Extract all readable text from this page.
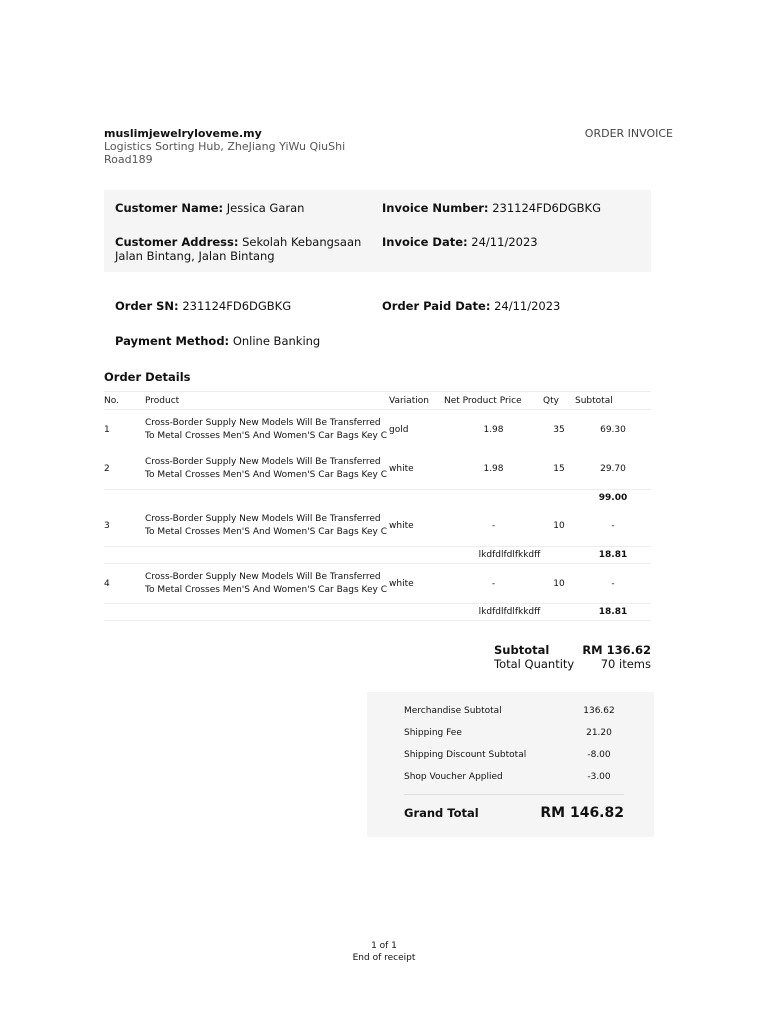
muslimjewelryloveme.my
Logistics Sorting Hub, ZheJiang YiWu QiuShi Road189
ORDER INVOICE
Customer Name: Jessica Garan	Invoice Number: 231124FD6DGBKG
Customer Address: Sekolah Kebangsaan Jalan Bintang, Jalan Bintang
Invoice Date: 24/11/2023
Order SN: 231124FD6DGBKG	Order Paid Date: 24/11/2023
Payment Method: Online Banking
Order Details
No.	Product	Variation	Net Product Price	Qty	Subtotal
1	Cross-Border Supply New Models Will Be Transferred To Metal Crosses Men'S And Women'S Car Bags Key C	gold	1.98	35	69.30
2	Cross-Border Supply New Models Will Be Transferred To Metal Crosses Men'S And Women'S Car Bags Key C	white	1.98	15	29.70
					99.00
3	Cross-Border Supply New Models Will Be Transferred To Metal Crosses Men'S And Women'S Car Bags Key C	white	-	10	-
			lkdfdlfdlfkkdff		18.81
4	Cross-Border Supply New Models Will Be Transferred To Metal Crosses Men'S And Women'S Car Bags Key C	white	-	10	-
			lkdfdlfdlfkkdff		18.81
Subtotal	RM 136.62
Total Quantity 70 items
Merchandise Subtotal	136.62
Shipping Fee	21.20
Shipping Discount Subtotal	-8.00
Shop Voucher Applied	-3.00
Grand Total	RM 146.82
1 of 1
End of receipt
